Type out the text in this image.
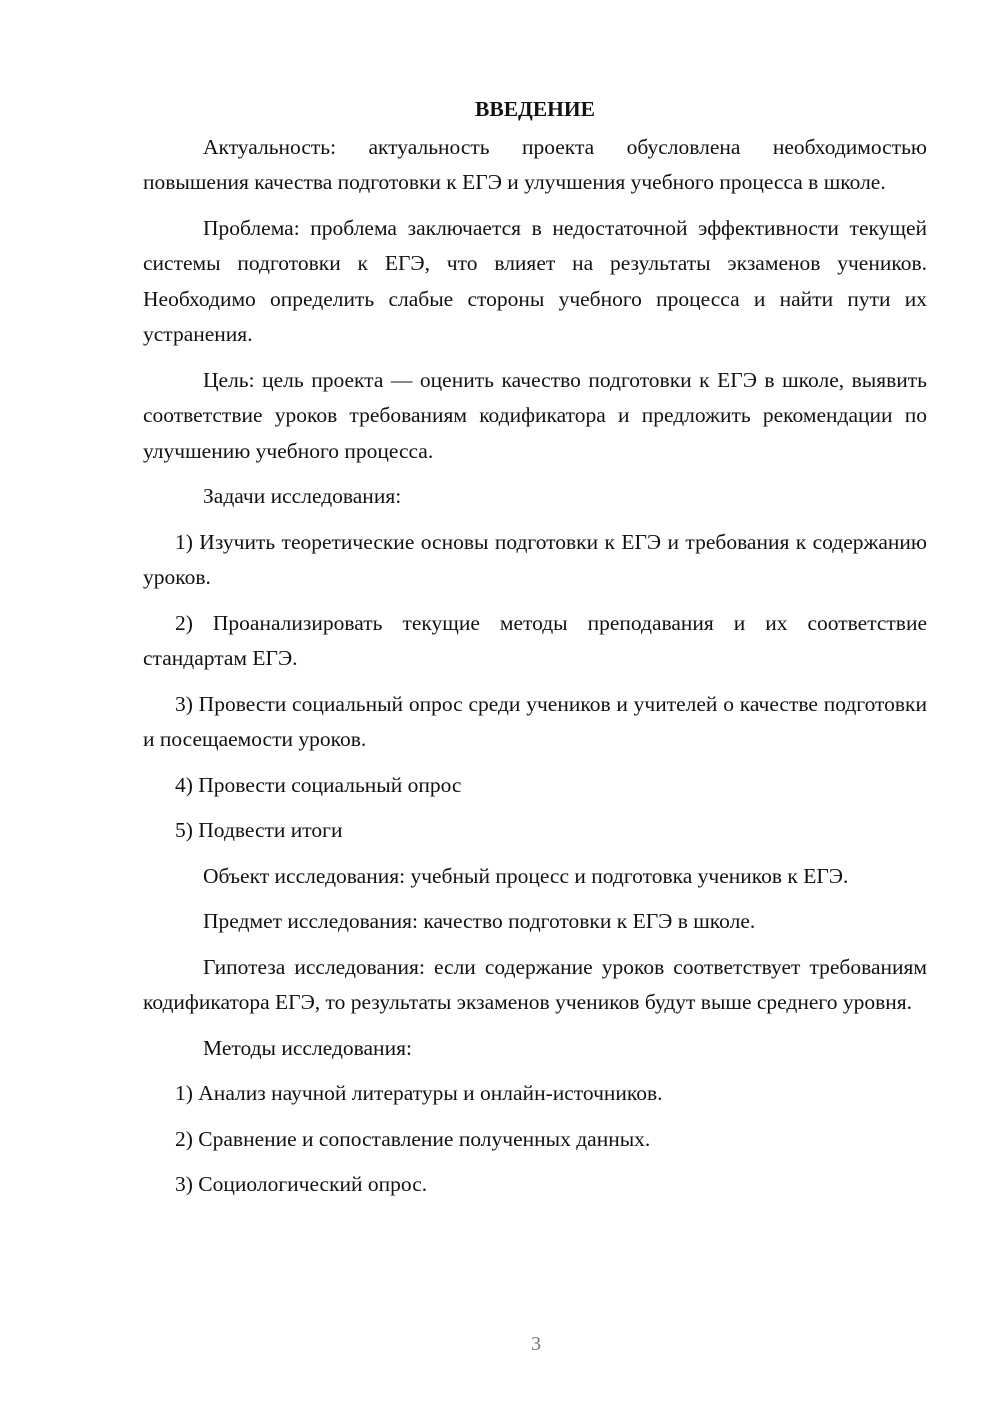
ВВЕДЕНИЕ

Актуальность: актуальность проекта обусловлена необходимостью повышения качества подготовки к ЕГЭ и улучшения учебного процесса в школе.

Проблема: проблема заключается в недостаточной эффективности текущей системы подготовки к ЕГЭ, что влияет на результаты экзаменов учеников. Необходимо определить слабые стороны учебного процесса и найти пути их устранения.

Цель: цель проекта — оценить качество подготовки к ЕГЭ в школе, выявить соответствие уроков требованиям кодификатора и предложить рекомендации по улучшению учебного процесса.

Задачи исследования:

1) Изучить теоретические основы подготовки к ЕГЭ и требования к содержанию уроков.

2) Проанализировать текущие методы преподавания и их соответствие стандартам ЕГЭ.

3) Провести социальный опрос среди учеников и учителей о качестве подготовки и посещаемости уроков.

4) Провести социальный опрос

5) Подвести итоги

Объект исследования: учебный процесс и подготовка учеников к ЕГЭ.

Предмет исследования: качество подготовки к ЕГЭ в школе.

Гипотеза исследования: если содержание уроков соответствует требованиям кодификатора ЕГЭ, то результаты экзаменов учеников будут выше среднего уровня.

Методы исследования:

1) Анализ научной литературы и онлайн-источников.

2) Сравнение и сопоставление полученных данных.

3) Социологический опрос.

3
